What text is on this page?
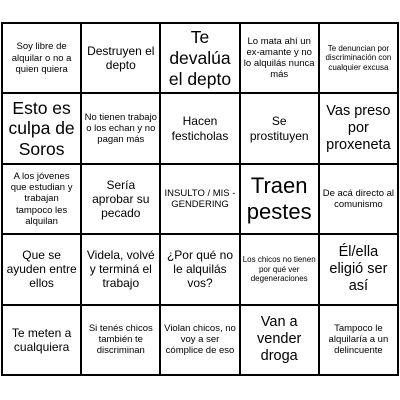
Soy libre de alquilar o no a quien quiera
Destruyen el depto
Te devalúa el depto
Lo mata ahí un ex-amante y no lo alquilás nunca más
Te denuncian por discriminación con cualquier excusa
Esto es culpa de Soros
No tienen trabajo o los echan y no pagan más
Hacen festicholas
Se prostituyen
Vas preso por proxeneta
A los jóvenes que estudian y trabajan tampoco les alquilan
Sería aprobar su pecado
INSULTO / MIS - GENDERING
Traen pestes
De acá directo al comunismo
Que se ayuden entre ellos
Videla, volvé y terminá el trabajo
¿Por qué no le alquilás vos?
Los chicos no tienen por qué ver degeneraciones
Él/ella eligió ser así
Te meten a cualquiera
Si tenés chicos también te discriminan
Violan chicos, no voy a ser cómplice de eso
Van a vender droga
Tampoco le alquilaría a un delincuente
